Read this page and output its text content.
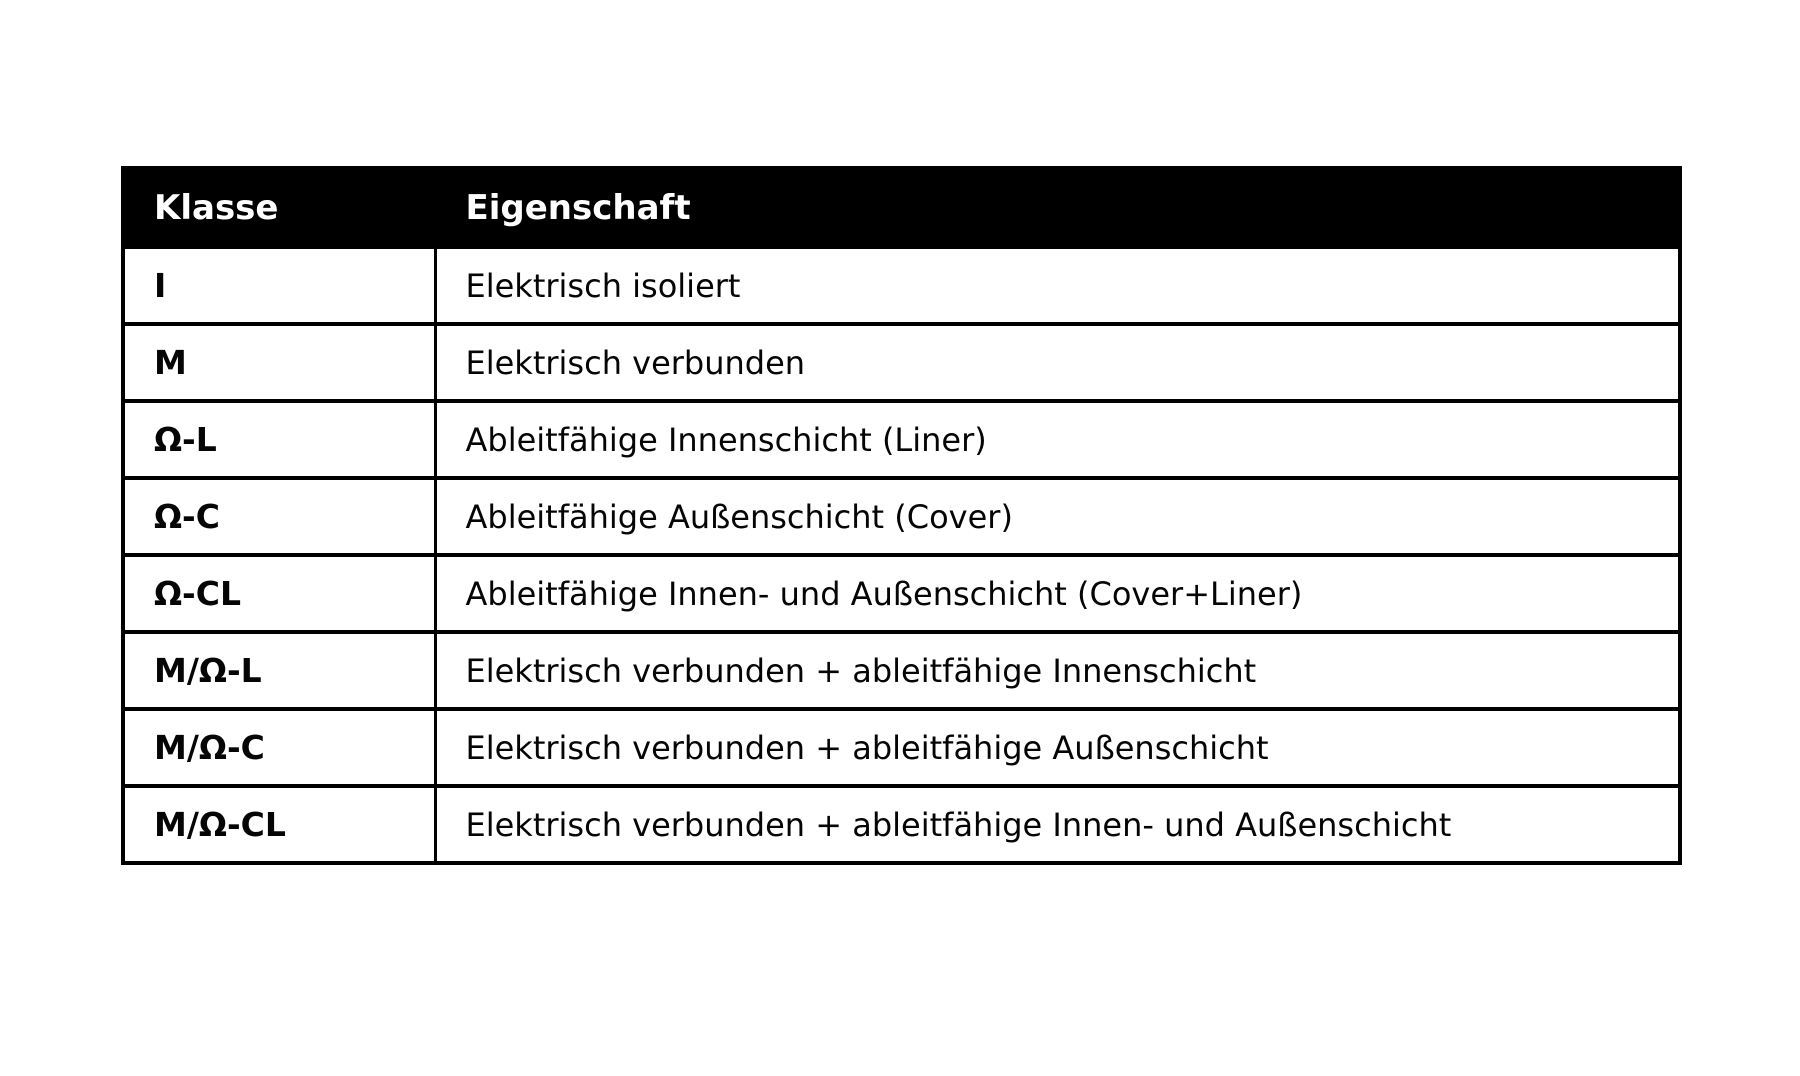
Klasse	Eigenschaft
I	Elektrisch isoliert
M	Elektrisch verbunden
Ω-L	Ableitfähige Innenschicht (Liner)
Ω-C	Ableitfähige Außenschicht (Cover)
Ω-CL	Ableitfähige Innen- und Außenschicht (Cover+Liner)
M/Ω-L	Elektrisch verbunden + ableitfähige Innenschicht
M/Ω-C	Elektrisch verbunden + ableitfähige Außenschicht
M/Ω-CL	Elektrisch verbunden + ableitfähige Innen- und Außenschicht
